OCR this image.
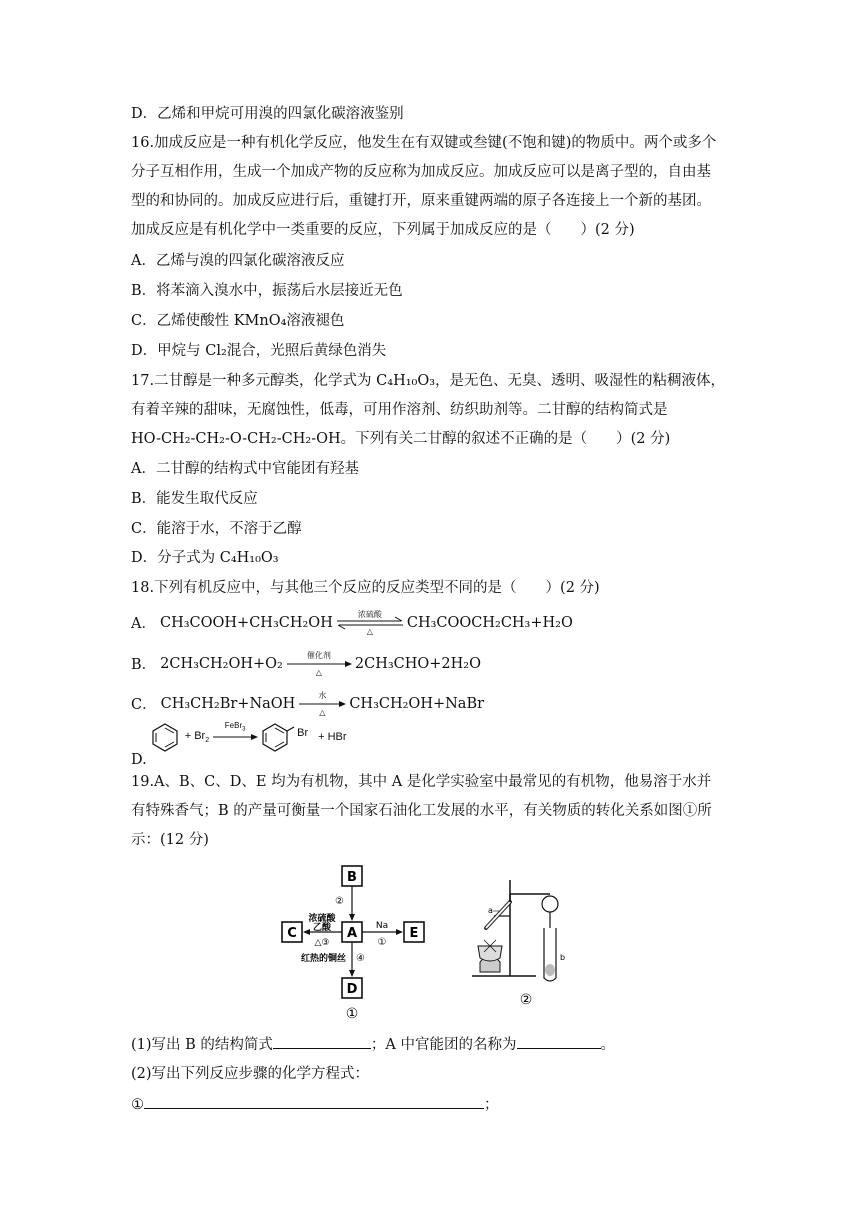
D．乙烯和甲烷可用溴的四氯化碳溶液鉴别
16.加成反应是一种有机化学反应，他发生在有双键或叁键(不饱和键)的物质中。两个或多个
分子互相作用，生成一个加成产物的反应称为加成反应。加成反应可以是离子型的，自由基
型的和协同的。加成反应进行后，重键打开，原来重键两端的原子各连接上一个新的基团。
加成反应是有机化学中一类重要的反应，下列属于加成反应的是（　　）(2 分)
A．乙烯与溴的四氯化碳溶液反应
B．将苯滴入溴水中，振荡后水层接近无色
C．乙烯使酸性 KMnO₄溶液褪色
D．甲烷与 Cl₂混合，光照后黄绿色消失
17.二甘醇是一种多元醇类，化学式为 C₄H₁₀O₃，是无色、无臭、透明、吸湿性的粘稠液体，
有着辛辣的甜味，无腐蚀性，低毒，可用作溶剂、纺织助剂等。二甘醇的结构简式是
HO-CH₂-CH₂-O-CH₂-CH₂-OH。下列有关二甘醇的叙述不正确的是（　　）(2 分)
A．二甘醇的结构式中官能团有羟基
B．能发生取代反应
C．能溶于水，不溶于乙醇
D．分子式为 C₄H₁₀O₃
18.下列有机反应中，与其他三个反应的反应类型不同的是（　　）(2 分)
A． CH₃COOH+CH₃CH₂OH
浓硫酸
△
CH₃COOCH₂CH₃+H₂O
B． 2CH₃CH₂OH+O₂
催化剂
△
2CH₃CHO+2H₂O
C． CH₃CH₂Br+NaOH
水
△
CH₃CH₂OH+NaBr
D.
+ $Br_2$
FeBr$_3$	Br + HBr
19.A、B、C、D、E 均为有机物，其中 A 是化学实验室中最常见的有机物，他易溶于水并
有特殊香气；B 的产量可衡量一个国家石油化工发展的水平，有关物质的转化关系如图①所
示：(12 分)
B
A
C	E
D
②
浓硫酸
乙酸
△③
Na
①
红热的铜丝 ④
①
a
b
②
(1)写出 B 的结构简式	；A 中官能团的名称为	。
(2)写出下列反应步骤的化学方程式：
①	；
